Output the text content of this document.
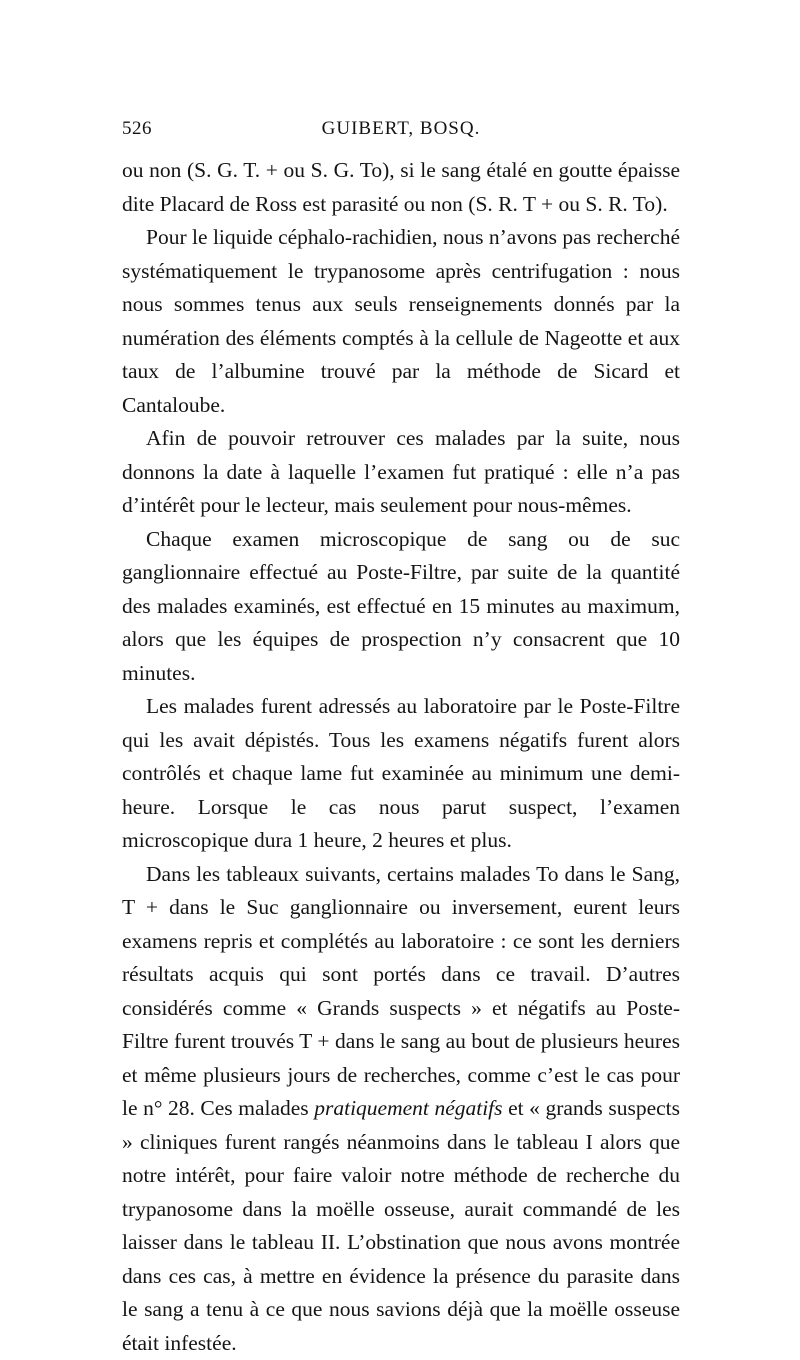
526	GUIBERT, BOSQ.

ou non (S. G. T. + ou S. G. To), si le sang étalé en goutte épaisse dite Placard de Ross est parasité ou non (S. R. T + ou S. R. To).

Pour le liquide céphalo-rachidien, nous n’avons pas recherché systématiquement le trypanosome après centrifugation : nous nous sommes tenus aux seuls renseignements donnés par la numération des éléments comptés à la cellule de Nageotte et aux taux de l’albumine trouvé par la méthode de Sicard et Cantaloube.

Afin de pouvoir retrouver ces malades par la suite, nous donnons la date à laquelle l’examen fut pratiqué : elle n’a pas d’intérêt pour le lecteur, mais seulement pour nous-mêmes.

Chaque examen microscopique de sang ou de suc ganglionnaire effectué au Poste-Filtre, par suite de la quantité des malades examinés, est effectué en 15 minutes au maximum, alors que les équipes de prospection n’y consacrent que 10 minutes.

Les malades furent adressés au laboratoire par le Poste-Filtre qui les avait dépistés. Tous les examens négatifs furent alors contrôlés et chaque lame fut examinée au minimum une demi-heure. Lorsque le cas nous parut suspect, l’examen microscopique dura 1 heure, 2 heures et plus.

Dans les tableaux suivants, certains malades To dans le Sang, T + dans le Suc ganglionnaire ou inversement, eurent leurs examens repris et complétés au laboratoire : ce sont les derniers résultats acquis qui sont portés dans ce travail. D’autres considérés comme « Grands suspects » et négatifs au Poste-Filtre furent trouvés T + dans le sang au bout de plusieurs heures et même plusieurs jours de recherches, comme c’est le cas pour le n° 28. Ces malades pratiquement négatifs et « grands suspects » cliniques furent rangés néanmoins dans le tableau I alors que notre intérêt, pour faire valoir notre méthode de recherche du trypanosome dans la moëlle osseuse, aurait commandé de les laisser dans le tableau II. L’obstination que nous avons montrée dans ces cas, à mettre en évidence la présence du parasite dans le sang a tenu à ce que nous savions déjà que la moëlle osseuse était infestée.
